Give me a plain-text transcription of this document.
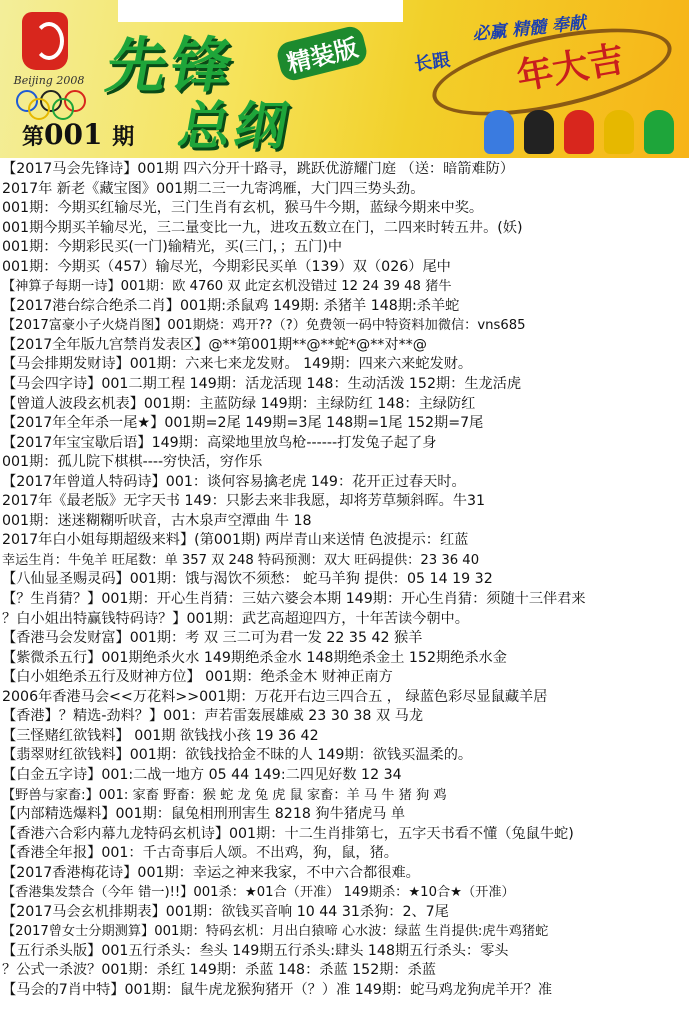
Beijing 2008 先锋	精装版
总纲
第001 期
必赢 精髓 奉献
年大吉
长跟
【2017马会先锋诗】001期 四六分开十路寻，跳跃优游耀门庭 （送：暗箭难防）
2017年 新老《藏宝图》001期二三一九寄鸿雁，大门四三势头劲。
001期：今期买红输尽光，三门生肖有玄机，猴马牛今期，蓝绿今期来中奖。
001期今期买羊输尽光，三二量变比一九，进攻五数立在门，二四来时转五井。(妖)
001期：今期彩民买(一门)输精光，买(三门，；五门)中
001期：今期买（457）输尽光，今期彩民买单（139）双（026）尾中
【神算子每期一诗】001期：欧 4760 双 此定玄机没错过 12 24 39 48 猪牛
【2017港台综合绝杀二肖】001期:杀鼠鸡 149期: 杀猪羊 148期:杀羊蛇
【2017富豪小子火烧肖图】001期烧：鸡开??（?）免费领一码中特资料加微信：vns685
【2017全年版九宫禁肖发表区】@**第001期**@**蛇*@**对**@
【马会排期发财诗】001期：六来七来龙发财。 149期：四来六来蛇发财。
【马会四字诗】001二期工程 149期：活龙活现 148：生动活泼 152期：生龙活虎
【曾道人波段玄机表】001期：主蓝防绿 149期：主绿防红 148：主绿防红
【2017年全年杀一尾★】001期=2尾 149期=3尾 148期=1尾 152期=7尾
【2017年宝宝歇后语】149期：高梁地里放鸟枪------打发兔子起了身
001期：孤儿院下棋棋----穷快活，穷作乐
【2017年曾道人特码诗】001：谈何容易擒老虎 149：花开正过春天时。
2017年《最老版》无字天书 149：只影去来非我愿，却将芳草频斜晖。牛31
001期：迷迷糊糊听吠音，古木泉声空潭曲 牛 18
2017年白小姐每期超级来料】(第001期) 两岸青山来送情 色波提示：红蓝
幸运生肖：牛兔羊 旺尾数：单 357 双 248 特码预测：双大 旺码提供：23 36 40
【八仙显圣赐灵码】001期：饿与渴饮不须愁： 蛇马羊狗 提供：05 14 19 32
【？生肖猜？】001期：开心生肖猜：三姑六婆会本期 149期：开心生肖猜：须随十三伴君来
？白小姐出特赢钱特码诗？】001期：武艺高超迎四方，十年苦读今朝中。
【香港马会发财富】001期：考 双 三二可为君一发 22 35 42 猴羊
【紫微杀五行】001期绝杀火水 149期绝杀金水 148期绝杀金土 152期绝杀水金
【白小姐绝杀五行及财神方位】 001期：绝杀金木 财神正南方
2006年香港马会<<万花料>>001期：万花开右边三四合五 ， 绿蓝色彩尽显鼠藏羊居
【香港】？精选-劲料？】001：声若雷轰展雄威 23 30 38 双 马龙
【三怪赌红欲钱料】 001期 欲钱找小孩 19 36 42
【翡翠财红欲钱料】001期：欲钱找拾金不昧的人 149期：欲钱买温柔的。
【白金五字诗】001:二战一地方 05 44 149:二四见好数 12 34
【野兽与家畜:】001: 家畜 野畜：猴 蛇 龙 兔 虎 鼠 家畜：羊 马 牛 猪 狗 鸡
【内部精选爆料】001期：鼠兔相刑刑害生 8218 狗牛猪虎马 单
【香港六合彩内幕九龙特码玄机诗】001期：十二生肖排第七，五字天书看不懂（兔鼠牛蛇)
【香港全年报】001：千古奇事后人颂。不出鸡，狗，鼠，猪。
【2017香港梅花诗】001期：幸运之神来我家，不中六合都很难。
【香港集发禁合（今年 错一)!!】001杀：★01合（开准） 149期杀：★10合★（开准）
【2017马会玄机排期表】001期：欲钱买音响 10 44 31杀狗：2、7尾
【2017曾女士分期测算】001期：特码玄机：月出白猿啼 心水波：绿蓝 生肖提供:虎牛鸡猪蛇
【五行杀头版】001五行杀头：叁头 149期五行杀头:肆头 148期五行杀头：零头
？公式一杀波？001期：杀红 149期：杀蓝 148：杀蓝 152期：杀蓝
【马会的7肖中特】001期：鼠牛虎龙猴狗猪开（？）准 149期：蛇马鸡龙狗虎羊开？准
